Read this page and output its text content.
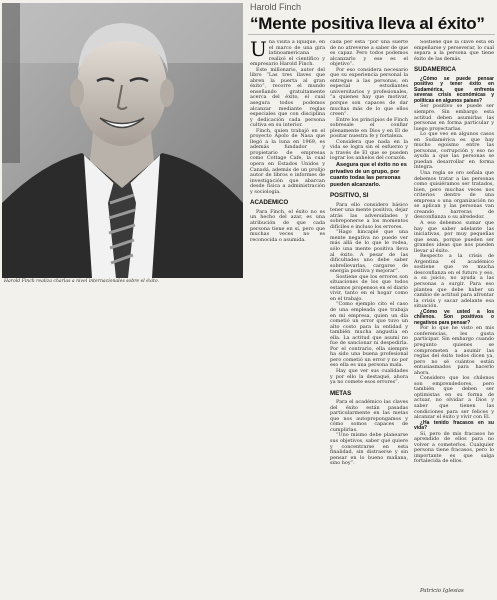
Harold Finch
“Mente positiva lleva al éxito”
Harold Finch realiza charlas a nivel internacionales sobre el éxito.

Una visita a Iquique, en el marco de una gira latinoamericana realizó el científico y empresario Harold Finch.

Este millonario, autor del libro “Las tres llaves que abren la puerta al gran éxito”, recorre el mundo enseñando gratuitamente acerca del éxito, el cual asegura todos podemos alcanzar mediante reglas especiales que con disciplina y dedicación cada persona cultiva en su interior.

Finch, quien trabajó en el proyecto Apolo de Nasa que llegó a la luna en 1969, es además fundador y propietario de empresas como Cottage Cafe, la cual opera en Estados Unidos y Canadá, además de un prolijo autor de libros e informes de investigación que abarcan desde física a administración y sociología.

ACADEMICO

Para Finch, el éxito no es un hecho del azar, es una atribución de que cada persona tiene en sí, pero que muchas veces no es reconocida o asumida.

cada per ésta “por una suerte de no atreverse a saber de que es capaz. Pero todos podemos alcanzarlo y ese es el objetivo”.

Por eso considera necesario que su experiencia personal la entregue a las personas, en especial estudiantes universitarios y profesionales, “a quienes hay que motivar, porque son capaces de dar muchas más de lo que ellos creen”.

Entre los principios de Finch sobresale el confiar plenamente en Dios y en El de positar nuestra fe y fortaleza.

Considera que nada en la vida se logra sin el esfuerzo y a través de El que se pueden lograr los anhelos del corazón.

Asegura que el éxito no es privativo de un grupo, por cuanto todas las personas pueden alcanzarlo.

POSITIVO, SI

Para ello considero básico tener una mente positiva, dejar atrás las adversidades y sobreponerse a los momentos difíciles e incluso los errores.

“Hago hincapié que una mente negativa no puede ver más allá de lo que le rodea, sólo una mente positiva lleva al éxito. A pesar de las dificultades uno debe saber sobrellevarlas, cargarse de energía positiva y mejorar”.

Sostiene que los errores son situaciones de los que todos estamos propensos en el diario vivir, tanto en el hogar como en el trabajo.

“Como ejemplo cito el caso de una empleada que trabaja en mi empresa, quien un día cometió un error que tuvo un alto costo para la entidad y también mucha angustia en ella. La actitud que asumí no fue de sancionar ni despedirla. Por el contrario, ella siempre ha sido una buena profesional pero cometió un error y no por eso ella es una persona mala.

Hay que ver sus cualidades y por ello la destaqué, ahora ya no comete esos errores”.

METAS

Para el académico las claves del éxito están pasadas particularmente en las metas que nos autopropongamos y cómo somos capaces de cumplirlas.

“Uno mismo debe planearse sus objetivos, saber qué quiere y concentrarse en esta finalidad, sin distraerse y sin pensar en lo bueno mañana, sino hoy”.

Sostiene que la clave está en empeñarse y perseverar, lo cual separa a la persona que tiene éxito de las demás.

SUDAMERICA

¿Cómo se puede pensar positivo y tener éxito en Sudamérica, que enfrenta severas crisis económicas y políticas en algunos países?

Ser positivo se puede ser siempre. Sin embargo esta actitud deben asumirlas las personas en forma particular y luego proyectarlas.

Lo que veo en algunos casos en Sudamérica es que hay mucho egoísmo entre las personas, corrupción y eso no ayuda a que las personas se puedan desarrollar en forma íntegra.

Una regla se oro señala que debemos tratar a las personas como quisiéramos ser tratados, bien, pero muchas veces nos criterios dentro de una empresa o una organización no se aplican y las personas van creando barreras de desconfianza o su alrededor.

A eso debemos sumar que hay que saber adelante las iniciativas, por muy pequeñas que sean, porque pueden ser grandes ideas que nos pueden llevar al éxito.

Respecto a la crisis de Argentina el académico sostiene que ve mucha desconfianza en el futuro y eso, a su juicio, no ayuda a las personas a surgir. Para eso plantea que debe haber un cambio de actitud para afrontar la crisis y sacar adelante esa situación.

¿Cómo ve usted a los chilenos. Son positivos o negativos para pensar?

Por lo que he visto en mis conferencias, les gusta participar. Sin embargo cuando pregunto quienes se comprometen a asumir las reglas del éxito todos dicen ya, pero no sé cuántos están entusiasmados para hacerlo ahora.

Considero que los chilenos son emprendedores, pero también que deben ser optimistas en su forma de actuar, no olvidar a Dios y saber que tienen las condiciones para ser felices y alcanzar el éxito y vivir con El.

¿Ha tenido fracasos en su vida?

Sí, pero de mis fracasos he aprendido de ellos para no volver a cometerlos. Cualquier persona tiene fracasos, pero lo importante es que salga fortalecida de ellos.

Patricio Iglesias
